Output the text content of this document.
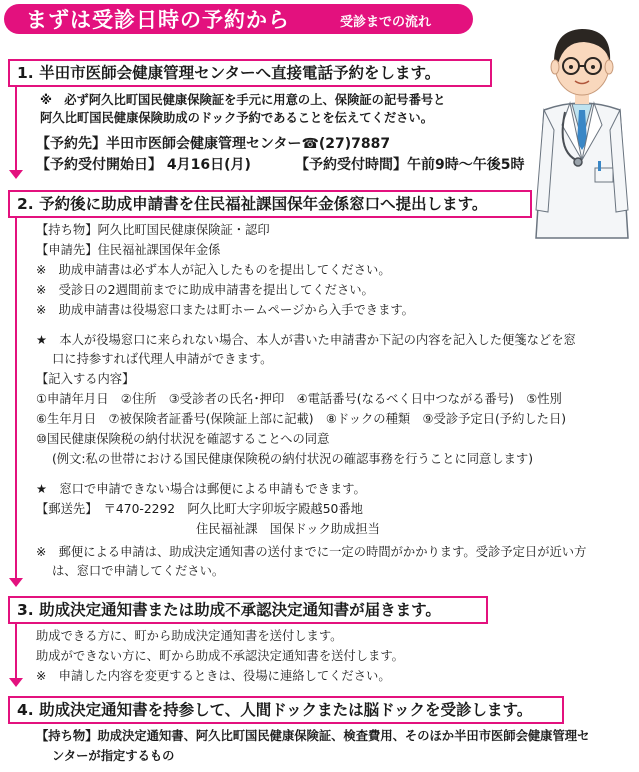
まずは受診日時の予約から	受診までの流れ
1. 半田市医師会健康管理センターへ直接電話予約をします。
※　必ず阿久比町国民健康保険証を手元に用意の上、保険証の記号番号と
阿久比町国民健康保険助成のドック予約であることを伝えてください。
【予約先】半田市医師会健康管理センター☎(27)7887
【予約受付開始日】 4月16日(月)	【予約受付時間】午前9時〜午後5時
2. 予約後に助成申請書を住民福祉課国保年金係窓口へ提出します。
【持ち物】阿久比町国民健康保険証・認印
【申請先】住民福祉課国保年金係
※　助成申請書は必ず本人が記入したものを提出してください。
※　受診日の2週間前までに助成申請書を提出してください。
※　助成申請書は役場窓口または町ホームページから入手できます。
★　本人が役場窓口に来られない場合、本人が書いた申請書か下記の内容を記入した便箋などを窓
口に持参すれば代理人申請ができます。
【記入する内容】
①申請年月日　②住所　③受診者の氏名･押印　④電話番号(なるべく日中つながる番号)　⑤性別
⑥生年月日　⑦被保険者証番号(保険証上部に記載)　⑧ドックの種類　⑨受診予定日(予約した日)
⑩国民健康保険税の納付状況を確認することへの同意
(例文:私の世帯における国民健康保険税の納付状況の確認事務を行うことに同意します)
★　窓口で申請できない場合は郵便による申請もできます。
【郵送先】　〒470-2292　阿久比町大字卯坂字殿越50番地
住民福祉課　国保ドック助成担当
※　郵便による申請は、助成決定通知書の送付までに一定の時間がかかります。受診予定日が近い方
は、窓口で申請してください。
3. 助成決定通知書または助成不承認決定通知書が届きます。
助成できる方に、町から助成決定通知書を送付します。
助成ができない方に、町から助成不承認決定通知書を送付します。
※　申請した内容を変更するときは、役場に連絡してください。
4. 助成決定通知書を持参して、人間ドックまたは脳ドックを受診します。
【持ち物】助成決定通知書、阿久比町国民健康保険証、検査費用、そのほか半田市医師会健康管理セ
ンターが指定するもの
